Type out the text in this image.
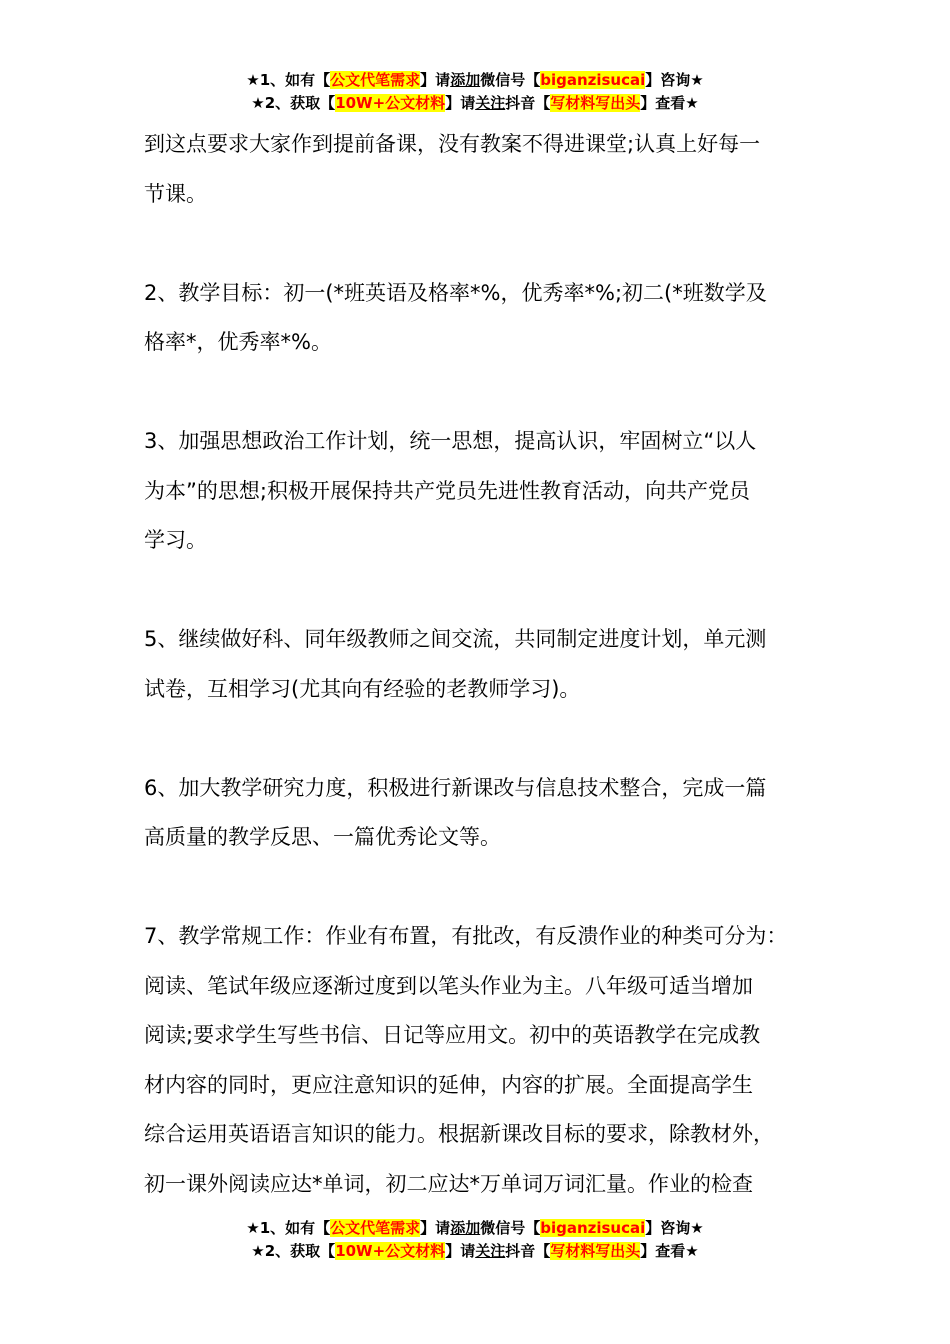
★1、如有【公文代笔需求】请添加微信号【biganzisucai】咨询★
★2、获取【10W+公文材料】请关注抖音【写材料写出头】查看★

到这点要求大家作到提前备课，没有教案不得进课堂;认真上好每一
节课。

2、教学目标：初一(*班英语及格率*%，优秀率*%;初二(*班数学及
格率*，优秀率*%。

3、加强思想政治工作计划，统一思想，提高认识，牢固树立“以人
为本”的思想;积极开展保持共产党员先进性教育活动，向共产党员
学习。

5、继续做好科、同年级教师之间交流，共同制定进度计划，单元测
试卷，互相学习(尤其向有经验的老教师学习)。

6、加大教学研究力度，积极进行新课改与信息技术整合，完成一篇
高质量的教学反思、一篇优秀论文等。

7、教学常规工作：作业有布置，有批改，有反溃作业的种类可分为：
阅读、笔试年级应逐渐过度到以笔头作业为主。八年级可适当增加
阅读;要求学生写些书信、日记等应用文。初中的英语教学在完成教
材内容的同时，更应注意知识的延伸，内容的扩展。全面提高学生
综合运用英语语言知识的能力。根据新课改目标的要求，除教材外，
初一课外阅读应达*单词，初二应达*万单词万词汇量。作业的检查

★1、如有【公文代笔需求】请添加微信号【biganzisucai】咨询★
★2、获取【10W+公文材料】请关注抖音【写材料写出头】查看★
